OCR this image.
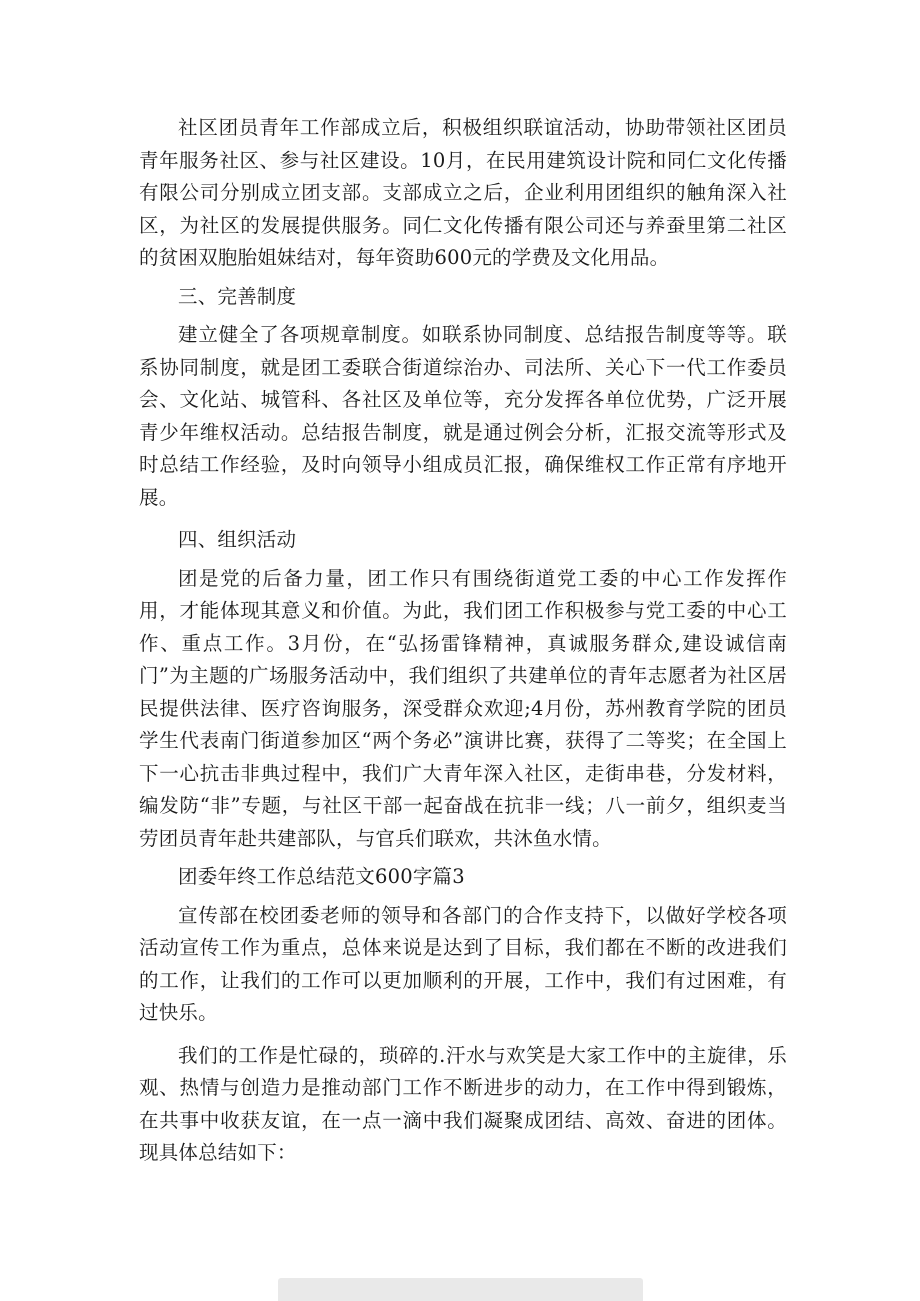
社区团员青年工作部成立后，积极组织联谊活动，协助带领社区团员青年服务社区、参与社区建设。10月，在民用建筑设计院和同仁文化传播有限公司分别成立团支部。支部成立之后，企业利用团组织的触角深入社区，为社区的发展提供服务。同仁文化传播有限公司还与养蚕里第二社区的贫困双胞胎姐妹结对，每年资助600元的学费及文化用品。

三、完善制度

建立健全了各项规章制度。如联系协同制度、总结报告制度等等。联系协同制度，就是团工委联合街道综治办、司法所、关心下一代工作委员会、文化站、城管科、各社区及单位等，充分发挥各单位优势，广泛开展青少年维权活动。总结报告制度，就是通过例会分析，汇报交流等形式及时总结工作经验，及时向领导小组成员汇报，确保维权工作正常有序地开展。

四、组织活动

团是党的后备力量，团工作只有围绕街道党工委的中心工作发挥作用，才能体现其意义和价值。为此，我们团工作积极参与党工委的中心工作、重点工作。3月份，在“弘扬雷锋精神，真诚服务群众,建设诚信南门”为主题的广场服务活动中，我们组织了共建单位的青年志愿者为社区居民提供法律、医疗咨询服务，深受群众欢迎;4月份，苏州教育学院的团员学生代表南门街道参加区“两个务必”演讲比赛，获得了二等奖；在全国上下一心抗击非典过程中，我们广大青年深入社区，走街串巷，分发材料，编发防“非”专题，与社区干部一起奋战在抗非一线；八一前夕，组织麦当劳团员青年赴共建部队，与官兵们联欢，共沐鱼水情。

团委年终工作总结范文600字篇3

宣传部在校团委老师的领导和各部门的合作支持下，以做好学校各项活动宣传工作为重点，总体来说是达到了目标，我们都在不断的改进我们的工作，让我们的工作可以更加顺利的开展，工作中，我们有过困难，有过快乐。

我们的工作是忙碌的，琐碎的.汗水与欢笑是大家工作中的主旋律，乐观、热情与创造力是推动部门工作不断进步的动力，在工作中得到锻炼，在共事中收获友谊，在一点一滴中我们凝聚成团结、高效、奋进的团体。现具体总结如下：
